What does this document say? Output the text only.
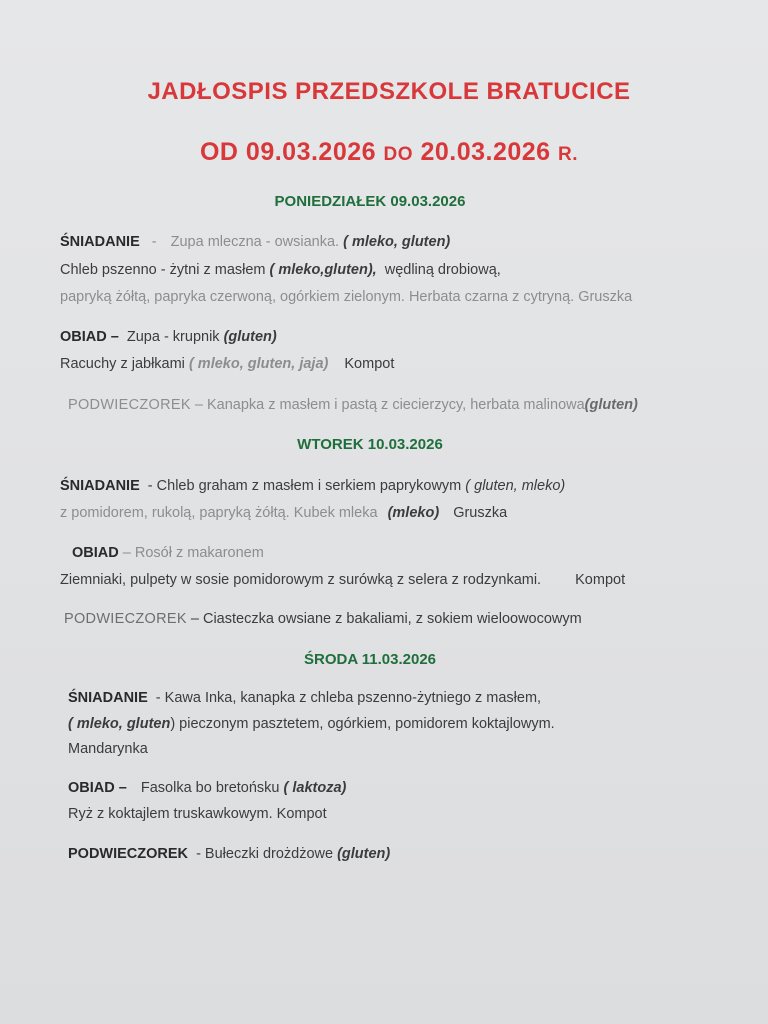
JADŁOSPIS PRZEDSZKOLE BRATUCICE
OD 09.03.2026 DO 20.03.2026 R.
PONIEDZIAŁEK 09.03.2026
ŚNIADANIE - Zupa mleczna - owsianka. ( mleko, gluten)
Chleb pszenno - żytni z masłem ( mleko,gluten), wędliną drobiową,
papryką żółtą, papryka czerwoną, ogórkiem zielonym. Herbata czarna z cytryną. Gruszka
OBIAD – Zupa - krupnik (gluten)
Racuchy z jabłkami ( mleko, gluten, jaja) Kompot
PODWIECZOREK – Kanapka z masłem i pastą z ciecierzycy, herbata malinowa(gluten)
WTOREK 10.03.2026
ŚNIADANIE - Chleb graham z masłem i serkiem paprykowym ( gluten, mleko)
z pomidorem, rukolą, papryką żółtą. Kubek mleka (mleko) Gruszka
OBIAD – Rosół z makaronem
Ziemniaki, pulpety w sosie pomidorowym z surówką z selera z rodzynkami. Kompot
PODWIECZOREK – Ciasteczka owsiane z bakaliami, z sokiem wieloowocowym
ŚRODA 11.03.2026
ŚNIADANIE - Kawa Inka, kanapka z chleba pszenno-żytniego z masłem,
( mleko, gluten) pieczonym pasztetem, ogórkiem, pomidorem koktajlowym.
Mandarynka
OBIAD – Fasolka bo bretońsku ( laktoza)
Ryż z koktajlem truskawkowym. Kompot
PODWIECZOREK - Bułeczki drożdżowe (gluten)
